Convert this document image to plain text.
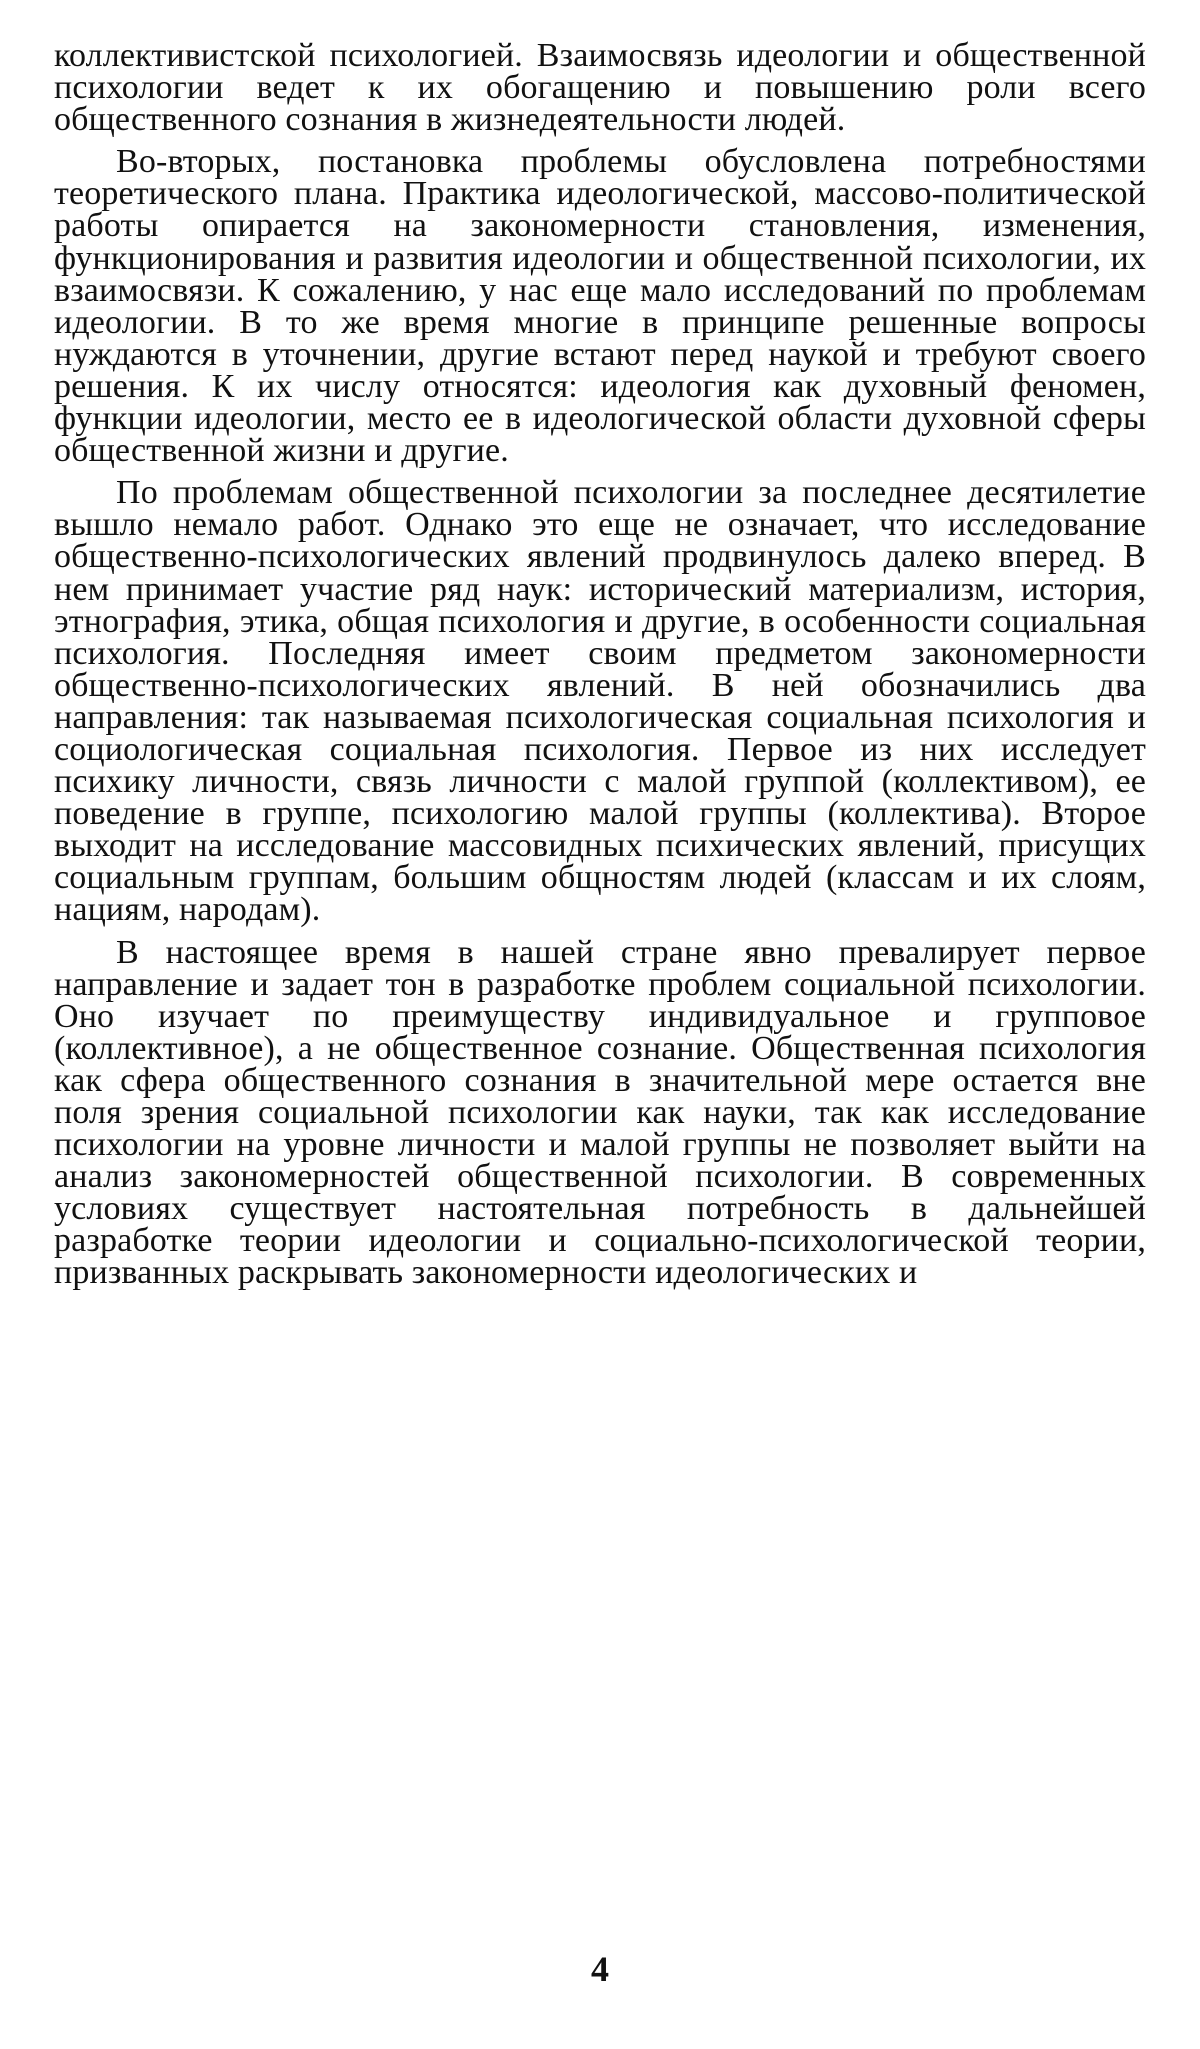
коллективистской психологией. Взаимосвязь идеологии и общественной психологии ведет к их обогащению и повышению роли всего общественного сознания в жизнедеятельности людей.

Во-вторых, постановка проблемы обусловлена потребностями теоретического плана. Практика идеологической, массово-политической работы опирается на закономерности становления, изменения, функционирования и развития идеологии и общественной психологии, их взаимосвязи. К сожалению, у нас еще мало исследований по проблемам идеологии. В то же время многие в принципе решенные вопросы нуждаются в уточнении, другие встают перед наукой и требуют своего решения. К их числу относятся: идеология как духовный феномен, функции идеологии, место ее в идеологической области духовной сферы общественной жизни и другие.

По проблемам общественной психологии за последнее десятилетие вышло немало работ. Однако это еще не означает, что исследование общественно-психологических явлений продвинулось далеко вперед. В нем принимает участие ряд наук: исторический материализм, история, этнография, этика, общая психология и другие, в особенности социальная психология. Последняя имеет своим предметом закономерности общественно-психологических явлений. В ней обозначились два направления: так называемая психологическая социальная психология и социологическая социальная психология. Первое из них исследует психику личности, связь личности с малой группой (коллективом), ее поведение в группе, психологию малой группы (коллектива). Второе выходит на исследование массовидных психических явлений, присущих социальным группам, большим общностям людей (классам и их слоям, нациям, народам).

В настоящее время в нашей стране явно превалирует первое направление и задает тон в разработке проблем социальной психологии. Оно изучает по преимуществу индивидуальное и групповое (коллективное), а не общественное сознание. Общественная психология как сфера общественного сознания в значительной мере остается вне поля зрения социальной психологии как науки, так как исследование психологии на уровне личности и малой группы не позволяет выйти на анализ закономерностей общественной психологии. В современных условиях существует настоятельная потребность в дальнейшей разработке теории идеологии и социально-психологической теории, призванных раскрывать закономерности идеологических и

4
